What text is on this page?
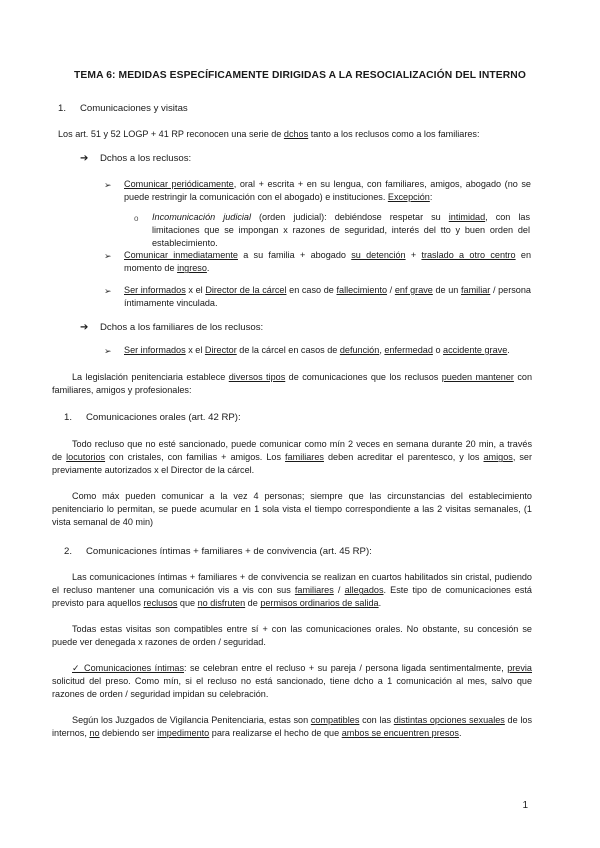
TEMA 6: MEDIDAS ESPECÍFICAMENTE DIRIGIDAS A LA RESOCIALIZACIÓN DEL INTERNO
1. Comunicaciones y visitas
Los art. 51 y 52 LOGP + 41 RP reconocen una serie de dchos tanto a los reclusos como a los familiares:
➔ Dchos a los reclusos:
➢ Comunicar periódicamente, oral + escrita + en su lengua, con familiares, amigos, abogado (no se puede restringir la comunicación con el abogado) e instituciones. Excepción:
o Incomunicación judicial (orden judicial): debiéndose respetar su intimidad, con las limitaciones que se impongan x razones de seguridad, interés del tto y buen orden del establecimiento.
➢ Comunicar inmediatamente a su familia + abogado su detención + traslado a otro centro en momento de ingreso.
➢ Ser informados x el Director de la cárcel en caso de fallecimiento / enf grave de un familiar / persona íntimamente vinculada.
➔ Dchos a los familiares de los reclusos:
➢ Ser informados x el Director de la cárcel en casos de defunción, enfermedad o accidente grave.
La legislación penitenciaria establece diversos tipos de comunicaciones que los reclusos pueden mantener con familiares, amigos y profesionales:
1. Comunicaciones orales (art. 42 RP):
Todo recluso que no esté sancionado, puede comunicar como mín 2 veces en semana durante 20 min, a través de locutorios con cristales, con familias + amigos. Los familiares deben acreditar el parentesco, y los amigos, ser previamente autorizados x el Director de la cárcel.
Como máx pueden comunicar a la vez 4 personas; siempre que las circunstancias del establecimiento penitenciario lo permitan, se puede acumular en 1 sola vista el tiempo correspondiente a las 2 visitas semanales, (1 vista semanal de 40 min)
2. Comunicaciones íntimas + familiares + de convivencia (art. 45 RP):
Las comunicaciones íntimas + familiares + de convivencia se realizan en cuartos habilitados sin cristal, pudiendo el recluso mantener una comunicación vis a vis con sus familiares / allegados. Este tipo de comunicaciones está previsto para aquellos reclusos que no disfruten de permisos ordinarios de salida.
Todas estas visitas son compatibles entre sí + con las comunicaciones orales. No obstante, su concesión se puede ver denegada x razones de orden / seguridad.
✓ Comunicaciones íntimas: se celebran entre el recluso + su pareja / persona ligada sentimentalmente, previa solicitud del preso. Como mín, si el recluso no está sancionado, tiene dcho a 1 comunicación al mes, salvo que razones de orden / seguridad impidan su celebración.
Según los Juzgados de Vigilancia Penitenciaria, estas son compatibles con las distintas opciones sexuales de los internos, no debiendo ser impedimento para realizarse el hecho de que ambos se encuentren presos.
1
